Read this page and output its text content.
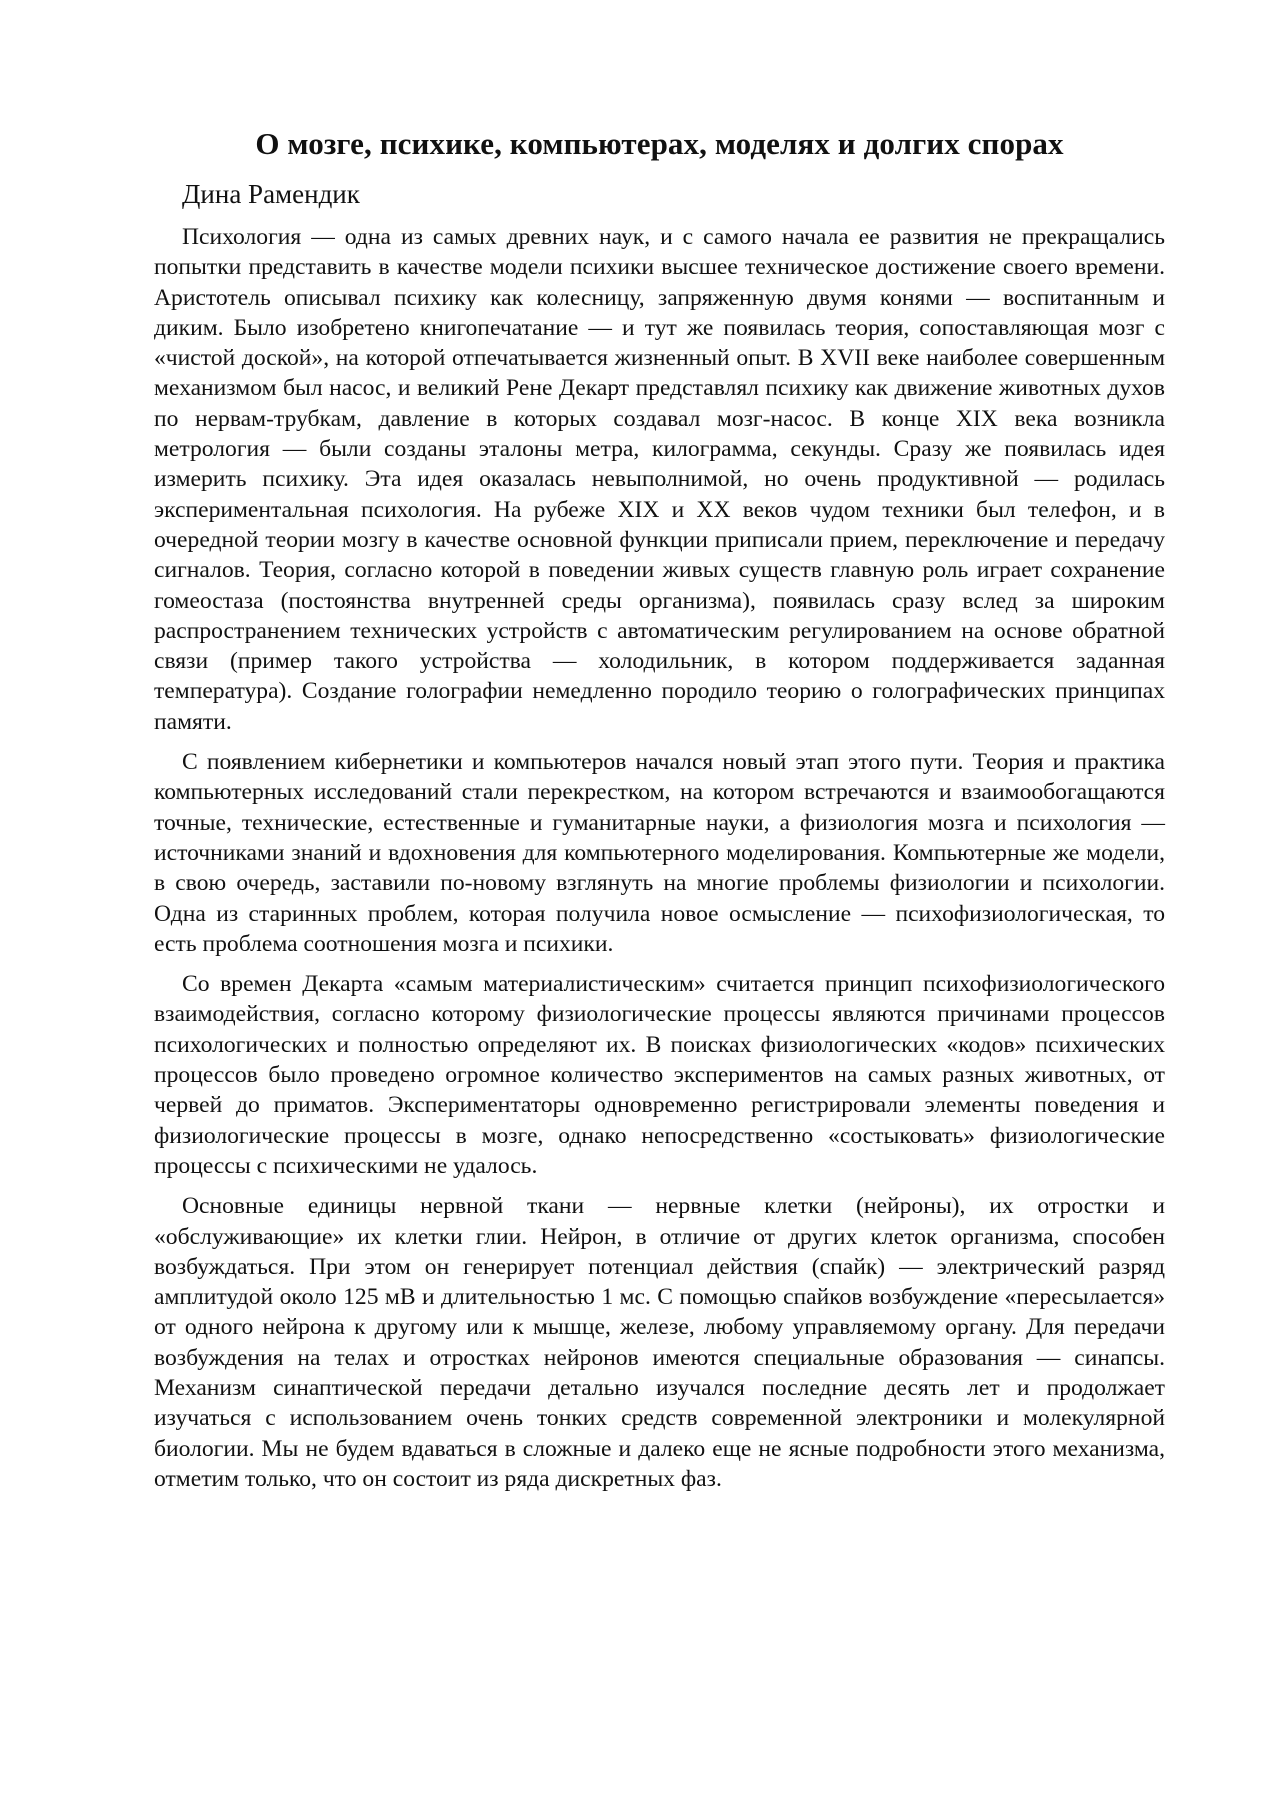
О мозге, психике, компьютерах, моделях и долгих спорах
Дина Рамендик

Психология — одна из самых древних наук, и с самого начала ее развития не прекращались попытки представить в качестве модели психики высшее техническое достижение своего времени. Аристотель описывал психику как колесницу, запряженную двумя конями — воспитанным и диким. Было изобретено книгопечатание — и тут же появилась теория, сопоставляющая мозг с «чистой доской», на которой отпечатывается жизненный опыт. В XVII веке наиболее совершенным механизмом был насос, и великий Рене Декарт представлял психику как движение животных духов по нервам-трубкам, давление в которых создавал мозг-насос. В конце XIX века возникла метрология — были созданы эталоны метра, килограмма, секунды. Сразу же появилась идея измерить психику. Эта идея оказалась невыполнимой, но очень продуктивной — родилась экспериментальная психология. На рубеже XIX и XX веков чудом техники был телефон, и в очередной теории мозгу в качестве основной функции приписали прием, переключение и передачу сигналов. Теория, согласно которой в поведении живых существ главную роль играет сохранение гомеостаза (постоянства внутренней среды организма), появилась сразу вслед за широким распространением технических устройств с автоматическим регулированием на основе обратной связи (пример такого устройства — холодильник, в котором поддерживается заданная температура). Создание голографии немедленно породило теорию о голографических принципах памяти.

С появлением кибернетики и компьютеров начался новый этап этого пути. Теория и практика компьютерных исследований стали перекрестком, на котором встречаются и взаимообогащаются точные, технические, естественные и гуманитарные науки, а физиология мозга и психология — источниками знаний и вдохновения для компьютерного моделирования. Компьютерные же модели, в свою очередь, заставили по-новому взглянуть на многие проблемы физиологии и психологии. Одна из старинных проблем, которая получила новое осмысление — психофизиологическая, то есть проблема соотношения мозга и психики.

Со времен Декарта «самым материалистическим» считается принцип психофизиологического взаимодействия, согласно которому физиологические процессы являются причинами процессов психологических и полностью определяют их. В поисках физиологических «кодов» психических процессов было проведено огромное количество экспериментов на самых разных животных, от червей до приматов. Экспериментаторы одновременно регистрировали элементы поведения и физиологические процессы в мозге, однако непосредственно «состыковать» физиологические процессы с психическими не удалось.

Основные единицы нервной ткани — нервные клетки (нейроны), их отростки и «обслуживающие» их клетки глии. Нейрон, в отличие от других клеток организма, способен возбуждаться. При этом он генерирует потенциал действия (спайк) — электрический разряд амплитудой около 125 мВ и длительностью 1 мс. С помощью спайков возбуждение «пересылается» от одного нейрона к другому или к мышце, железе, любому управляемому органу. Для передачи возбуждения на телах и отростках нейронов имеются специальные образования — синапсы. Механизм синаптической передачи детально изучался последние десять лет и продолжает изучаться с использованием очень тонких средств современной электроники и молекулярной биологии. Мы не будем вдаваться в сложные и далеко еще не ясные подробности этого механизма, отметим только, что он состоит из ряда дискретных фаз.
